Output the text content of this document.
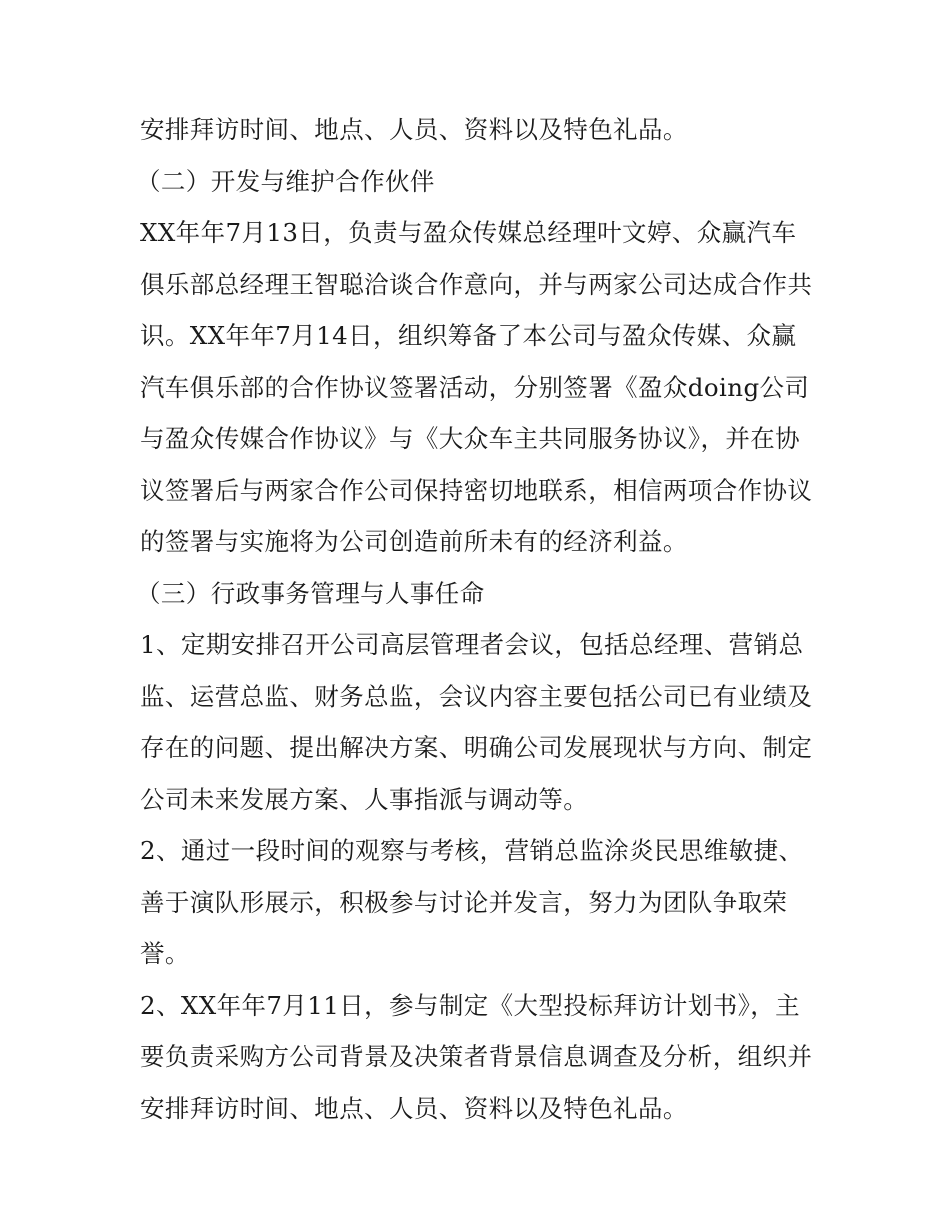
安排拜访时间、地点、人员、资料以及特色礼品。
（二）开发与维护合作伙伴
XX年年7月13日，负责与盈众传媒总经理叶文婷、众赢汽车
俱乐部总经理王智聪洽谈合作意向，并与两家公司达成合作共
识。XX年年7月14日，组织筹备了本公司与盈众传媒、众赢
汽车俱乐部的合作协议签署活动，分别签署《盈众doing公司
与盈众传媒合作协议》与《大众车主共同服务协议》，并在协
议签署后与两家合作公司保持密切地联系，相信两项合作协议
的签署与实施将为公司创造前所未有的经济利益。
（三）行政事务管理与人事任命
1、定期安排召开公司高层管理者会议，包括总经理、营销总
监、运营总监、财务总监，会议内容主要包括公司已有业绩及
存在的问题、提出解决方案、明确公司发展现状与方向、制定
公司未来发展方案、人事指派与调动等。
2、通过一段时间的观察与考核，营销总监涂炎民思维敏捷、
善于演队形展示，积极参与讨论并发言，努力为团队争取荣
誉。
2、XX年年7月11日，参与制定《大型投标拜访计划书》，主
要负责采购方公司背景及决策者背景信息调查及分析，组织并
安排拜访时间、地点、人员、资料以及特色礼品。
